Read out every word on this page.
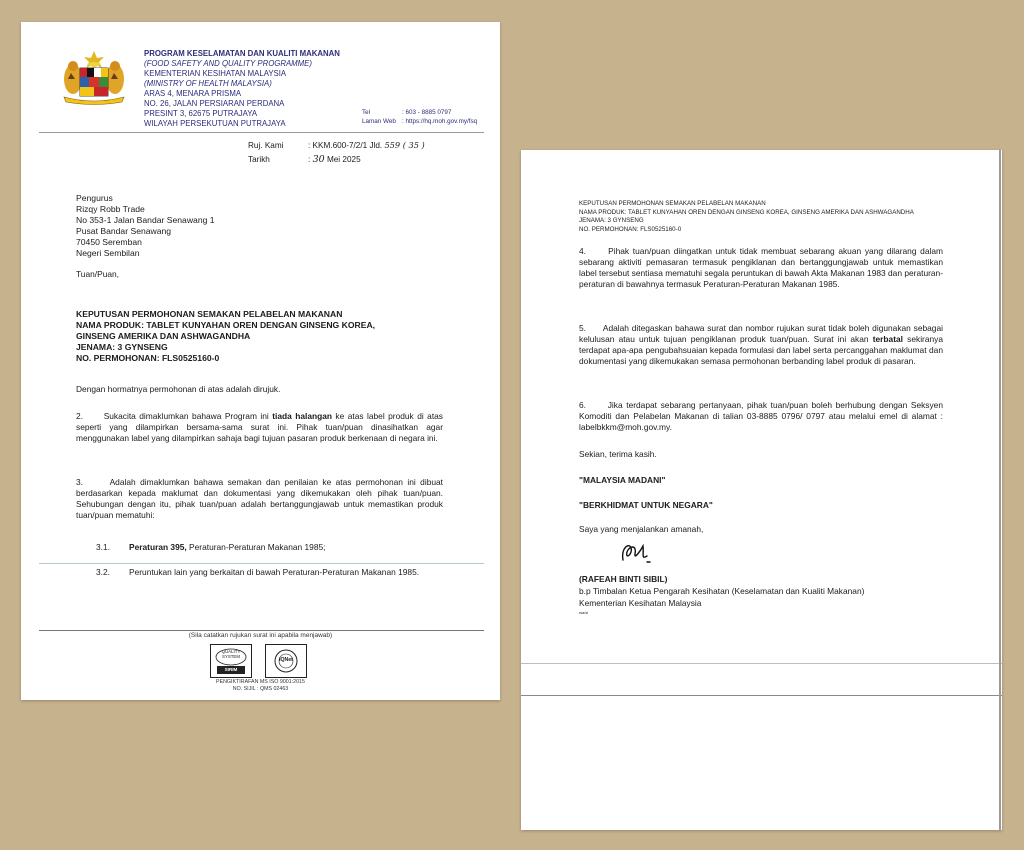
PROGRAM KESELAMATAN DAN KUALITI MAKANAN
(FOOD SAFETY AND QUALITY PROGRAMME)
KEMENTERIAN KESIHATAN MALAYSIA
(MINISTRY OF HEALTH MALAYSIA)
ARAS 4, MENARA PRISMA
NO. 26, JALAN PERSIARAN PERDANA
PRESINT 3, 62675 PUTRAJAYA
WILAYAH PERSEKUTUAN PUTRAJAYA
Tel	: 603 - 8885 0797
Laman Web : https://hq.moh.gov.my/fsq
Ruj. Kami	: KKM.600-7/2/1 Jld. 559 ( 35 )
Tarikh	: 30 Mei 2025
Pengurus
Rizqy Robb Trade
No 353-1 Jalan Bandar Senawang 1
Pusat Bandar Senawang
70450 Seremban
Negeri Sembilan
Tuan/Puan,
KEPUTUSAN PERMOHONAN SEMAKAN PELABELAN MAKANAN
NAMA PRODUK: TABLET KUNYAHAN OREN DENGAN GINSENG KOREA,
GINSENG AMERIKA DAN ASHWAGANDHA
JENAMA: 3 GYNSENG
NO. PERMOHONAN: FLS0525160-0
Dengan hormatnya permohonan di atas adalah dirujuk.
2. Sukacita dimaklumkan bahawa Program ini tiada halangan ke atas label produk di atas seperti yang dilampirkan bersama-sama surat ini. Pihak tuan/puan dinasihatkan agar menggunakan label yang dilampirkan sahaja bagi tujuan pasaran produk berkenaan di negara ini.
3.	Adalah dimaklumkan bahawa semakan dan penilaian ke atas permohonan ini dibuat berdasarkan kepada maklumat dan dokumentasi yang dikemukakan oleh pihak tuan/puan. Sehubungan dengan itu, pihak tuan/puan adalah bertanggungjawab untuk memastikan produk tuan/puan mematuhi:
3.1. Peraturan 395, Peraturan-Peraturan Makanan 1985;
3.2.	Peruntukan lain yang berkaitan di bawah Peraturan-Peraturan Makanan 1985.
(Sila catatkan rujukan surat ini apabila menjawab)
QUALITY
SYSTEM
SIRIM
IQNet
PENGIKTIRAFAN MS ISO 9001:2015
NO. SIJIL : QMS 02463
KEPUTUSAN PERMOHONAN SEMAKAN PELABELAN MAKANAN
NAMA PRODUK: TABLET KUNYAHAN OREN DENGAN GINSENG KOREA, GINSENG AMERIKA DAN ASHWAGANDHA
JENAMA: 3 GYNSENG
NO. PERMOHONAN: FLS0525160-0
4.	Pihak tuan/puan diingatkan untuk tidak membuat sebarang akuan yang dilarang dalam sebarang aktiviti pemasaran termasuk pengiklanan dan bertanggungjawab untuk memastikan label tersebut sentiasa mematuhi segala peruntukan di bawah Akta Makanan 1983 dan peraturan-peraturan di bawahnya termasuk Peraturan-Peraturan Makanan 1985.
5. Adalah ditegaskan bahawa surat dan nombor rujukan surat tidak boleh digunakan sebagai kelulusan atau untuk tujuan pengiklanan produk tuan/puan. Surat ini akan terbatal sekiranya terdapat apa-apa pengubahsuaian kepada formulasi dan label serta percanggahan maklumat dan dokumentasi yang dikemukakan semasa permohonan berbanding label produk di pasaran.
6.	Jika terdapat sebarang pertanyaan, pihak tuan/puan boleh berhubung dengan Seksyen Komoditi dan Pelabelan Makanan di talian 03-8885 0796/ 0797 atau melalui emel di alamat : labelbkkm@moh.gov.my.
Sekian, terima kasih.
"MALAYSIA MADANI"
"BERKHIDMAT UNTUK NEGARA"
Saya yang menjalankan amanah,
(RAFEAH BINTI SIBIL)
b.p Timbalan Ketua Pengarah Kesihatan (Keselamatan dan Kualiti Makanan)
Kementerian Kesihatan Malaysia
rsa/si
